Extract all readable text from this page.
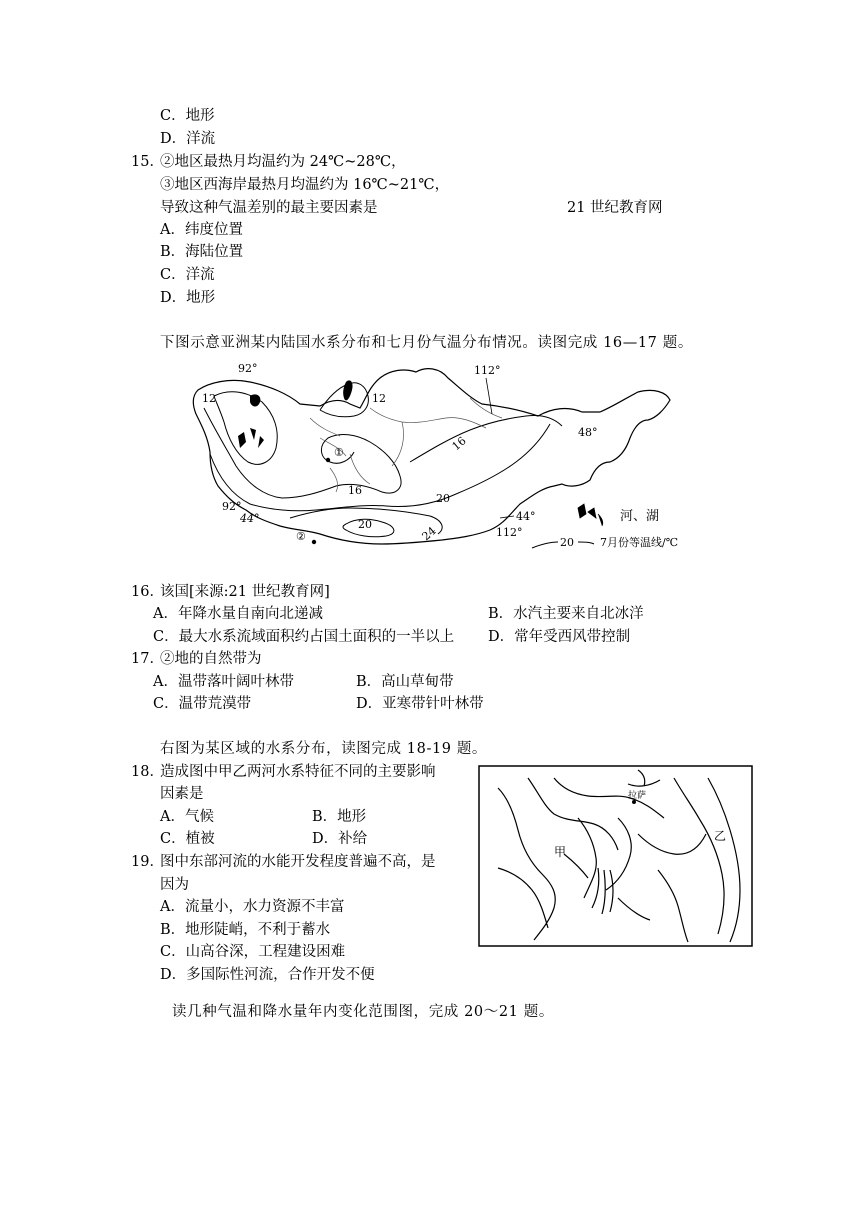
C．地形
D．洋流
15．
②地区最热月均温约为 24℃~28℃，
③地区西海岸最热月均温约为 16℃~21℃，
导致这种气温差别的最主要因素是	21 世纪教育网
A．纬度位置
B．海陆位置
C．洋流
D．地形
下图示意亚洲某内陆国水系分布和七月份气温分布情况。读图完成 16—17 题。
92°	112°
48°
12	12
16
16
20
①
92°
44°	20
②	24
44°
112°
河、湖
20 7月份等温线/℃
16．
该国[来源:21 世纪教育网]
A．年降水量自南向北递减	B．水汽主要来自北冰洋
C．最大水系流域面积约占国土面积的一半以上 D．常年受西风带控制
17．
②地的自然带为
A．温带落叶阔叶林带	B．高山草甸带
C．温带荒漠带	D．亚寒带针叶林带
右图为某区域的水系分布，读图完成 18-19 题。
18．
造成图中甲乙两河水系特征不同的主要影响
因素是
A．气候	B．地形
C．植被	D．补给
19．
图中东部河流的水能开发程度普遍不高，是
因为
A．流量小，水力资源不丰富
B．地形陡峭，不利于蓄水
C．山高谷深，工程建设困难
D．多国际性河流，合作开发不便
拉萨
甲
乙
读几种气温和降水量年内变化范围图，完成 20～21 题。
